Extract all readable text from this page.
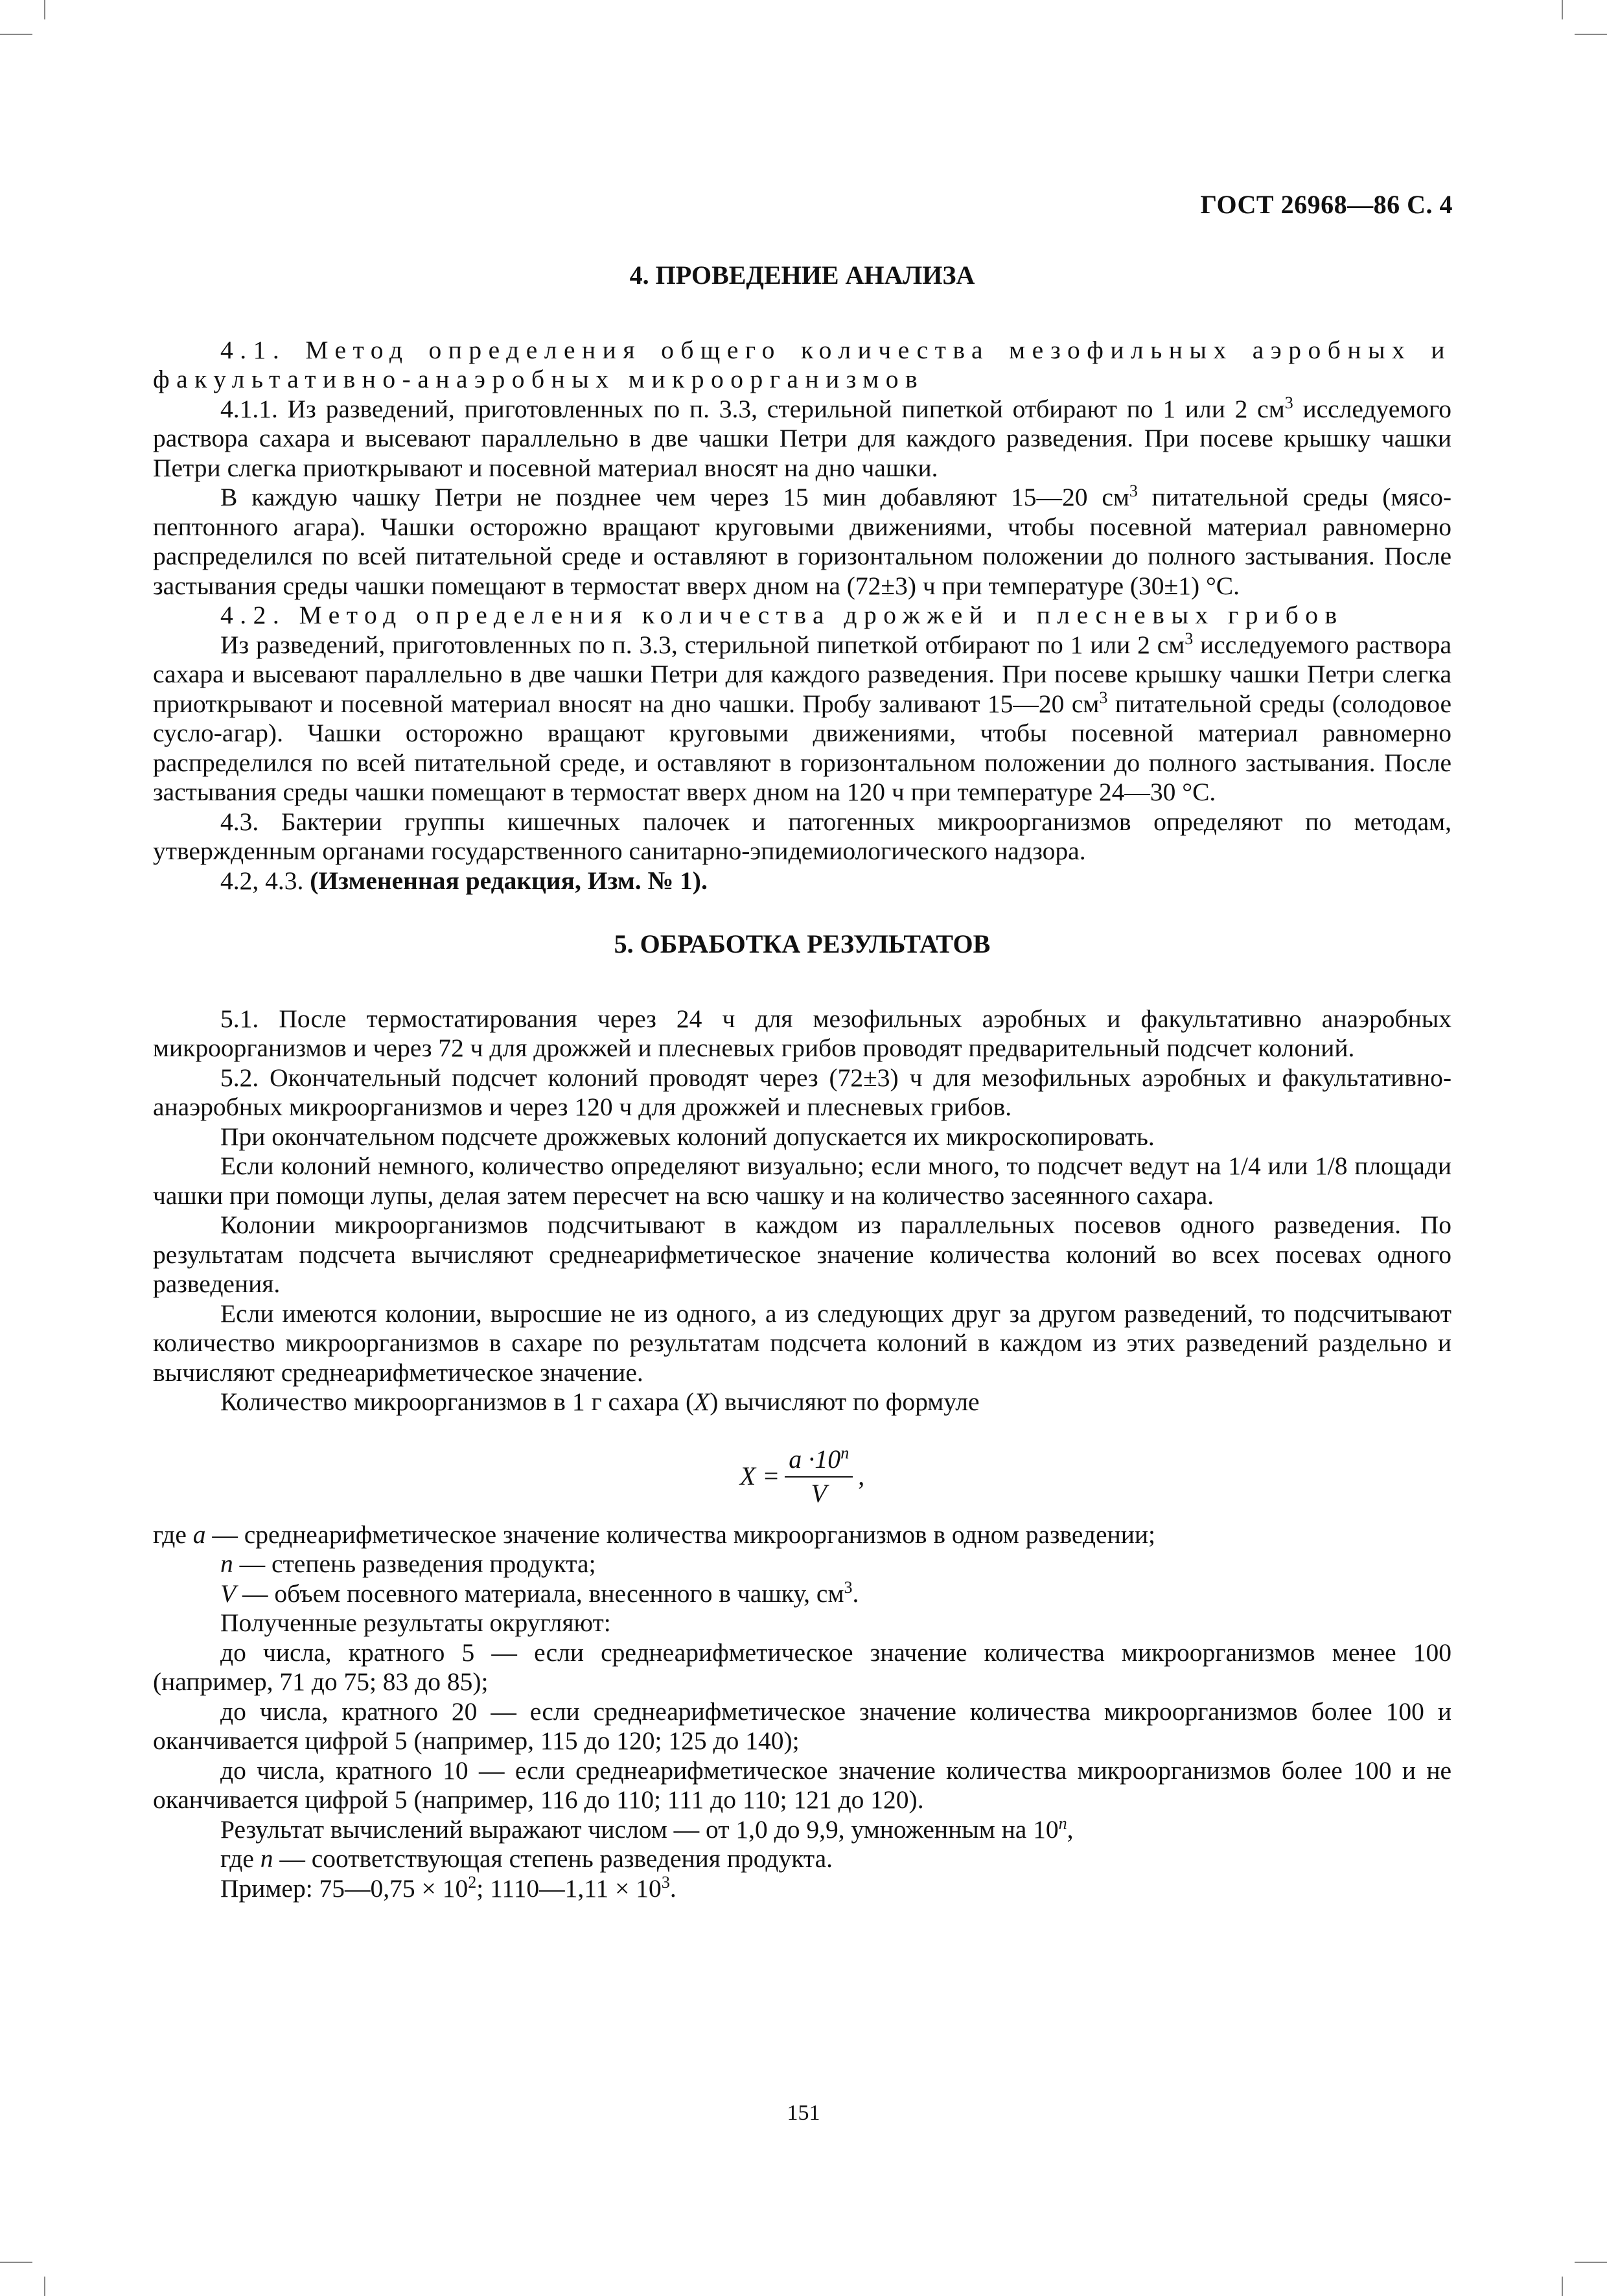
ГОСТ 26968—86 С. 4
4. ПРОВЕДЕНИЕ АНАЛИЗА

4.1. Метод определения общего количества мезофильных аэробных и факультативно-анаэробных микроорганизмов

4.1.1. Из разведений, приготовленных по п. 3.3, стерильной пипеткой отбирают по 1 или 2 $см^3$ исследуемого раствора сахара и высевают параллельно в две чашки Петри для каждого разведения. При посеве крышку чашки Петри слегка приоткрывают и посевной материал вносят на дно чашки.

В каждую чашку Петри не позднее чем через 15 мин добавляют 15—20 $см^3$ питательной среды (мясо-пептонного агара). Чашки осторожно вращают круговыми движениями, чтобы посевной материал равномерно распределился по всей питательной среде и оставляют в горизонтальном положении до полного застывания. После застывания среды чашки помещают в термостат вверх дном на (72±3) ч при температуре (30±1) °С.

4.2. Метод определения количества дрожжей и плесневых грибов

Из разведений, приготовленных по п. 3.3, стерильной пипеткой отбирают по 1 или 2 $см^3$ исследуемого раствора сахара и высевают параллельно в две чашки Петри для каждого разведения. При посеве крышку чашки Петри слегка приоткрывают и посевной материал вносят на дно чашки. Пробу заливают 15—20 $см^3$ питательной среды (солодовое сусло-агар). Чашки осторожно вращают круговыми движениями, чтобы посевной материал равномерно распределился по всей питательной среде, и оставляют в горизонтальном положении до полного застывания. После застывания среды чашки помещают в термостат вверх дном на 120 ч при температуре 24—30 °С.

4.3. Бактерии группы кишечных палочек и патогенных микроорганизмов определяют по методам, утвержденным органами государственного санитарно-эпидемиологического надзора.

4.2, 4.3. (Измененная редакция, Изм. № 1).

5. ОБРАБОТКА РЕЗУЛЬТАТОВ

5.1. После термостатирования через 24 ч для мезофильных аэробных и факультативно анаэробных микроорганизмов и через 72 ч для дрожжей и плесневых грибов проводят предварительный подсчет колоний.

5.2. Окончательный подсчет колоний проводят через (72±3) ч для мезофильных аэробных и факультативно-анаэробных микроорганизмов и через 120 ч для дрожжей и плесневых грибов.

При окончательном подсчете дрожжевых колоний допускается их микроскопировать.

Если колоний немного, количество определяют визуально; если много, то подсчет ведут на 1/4 или 1/8 площади чашки при помощи лупы, делая затем пересчет на всю чашку и на количество засеянного сахара.

Колонии микроорганизмов подсчитывают в каждом из параллельных посевов одного разведения. По результатам подсчета вычисляют среднеарифметическое значение количества колоний во всех посевах одного разведения.

Если имеются колонии, выросшие не из одного, а из следующих друг за другом разведений, то подсчитывают количество микроорганизмов в сахаре по результатам подсчета колоний в каждом из этих разведений раздельно и вычисляют среднеарифметическое значение.

Количество микроорганизмов в 1 г сахара (X) вычисляют по формуле

$X = \frac{a \cdot 10^n}{V}$ ,

где a — среднеарифметическое значение количества микроорганизмов в одном разведении;

n — степень разведения продукта;

V — объем посевного материала, внесенного в чашку, $см^3$.

Полученные результаты округляют:

до числа, кратного 5 — если среднеарифметическое значение количества микроорганизмов менее 100 (например, 71 до 75; 83 до 85);

до числа, кратного 20 — если среднеарифметическое значение количества микроорганизмов более 100 и оканчивается цифрой 5 (например, 115 до 120; 125 до 140);

до числа, кратного 10 — если среднеарифметическое значение количества микроорганизмов более 100 и не оканчивается цифрой 5 (например, 116 до 110; 111 до 110; 121 до 120).

Результат вычислений выражают числом — от 1,0 до 9,9, умноженным на 10$^n$,

где n — соответствующая степень разведения продукта.

Пример: 75—0,75 × $10^2$; 1110—1,11 × $10^3$.

151
